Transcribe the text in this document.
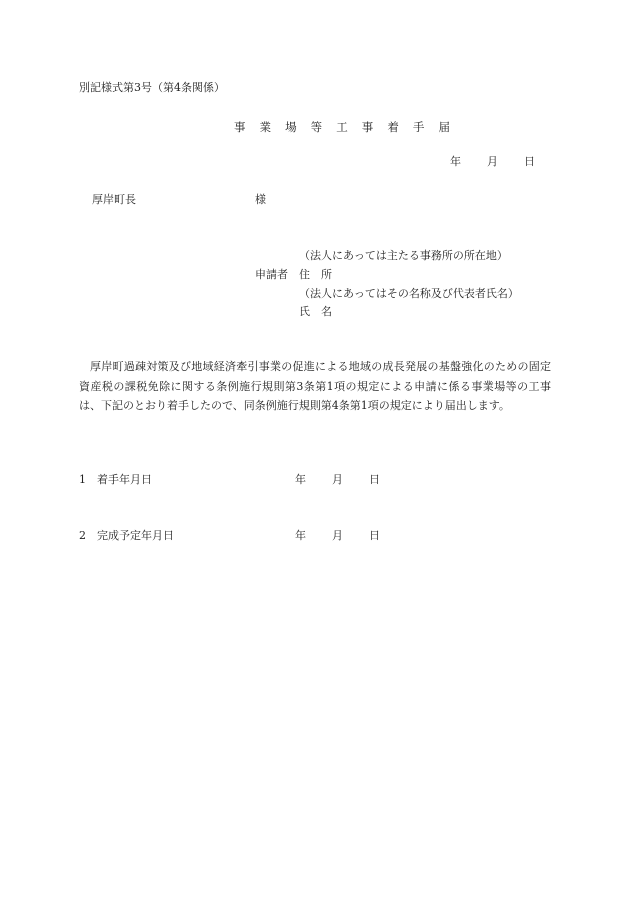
別記様式第3号（第4条関係）
事 業 場 等 工 事 着 手 届
年 月 日
厚岸町長	様
（法人にあっては主たる事務所の所在地）
申請者 住　所
（法人にあってはその名称及び代表者氏名）
氏　名
厚岸町過疎対策及び地域経済牽引事業の促進による地域の成長発展の基盤強化のための固定資産税の課税免除に関する条例施行規則第3条第1項の規定による申請に係る事業場等の工事は、下記のとおり着手したので、同条例施行規則第4条第1項の規定により届出します。
1 着手年月日	年 月 日
2 完成予定年月日	年 月 日
